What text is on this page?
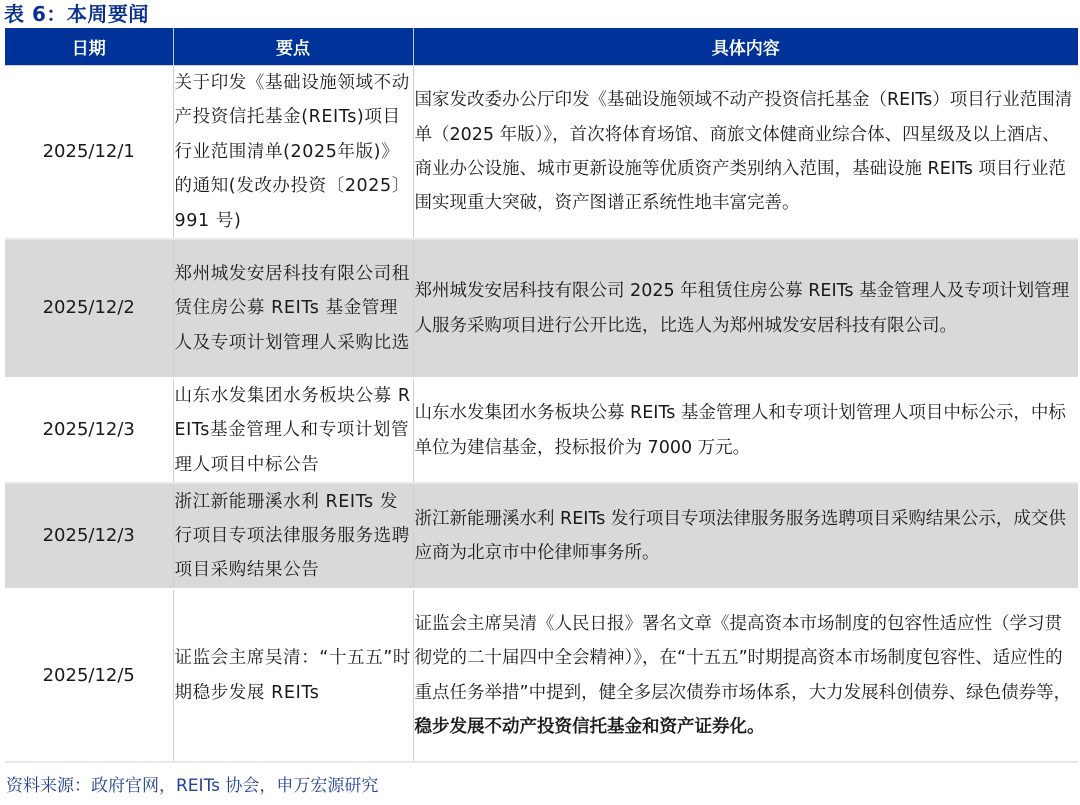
表 6：本周要闻
日期	要点	具体内容
2025/12/1	关于印发《基础设施领域不动产投资信托基金(REITs)项目行业范围清单(2025年版)》的通知(发改办投资〔2025〕991 号)	国家发改委办公厅印发《基础设施领域不动产投资信托基金（REITs）项目行业范围清单（2025 年版）》，首次将体育场馆、商旅文体健商业综合体、四星级及以上酒店、商业办公设施、城市更新设施等优质资产类别纳入范围，基础设施 REITs 项目行业范围实现重大突破，资产图谱正系统性地丰富完善。
2025/12/2	郑州城发安居科技有限公司租赁住房公募 REITs 基金管理人及专项计划管理人采购比选	郑州城发安居科技有限公司 2025 年租赁住房公募 REITs 基金管理人及专项计划管理人服务采购项目进行公开比选，比选人为郑州城发安居科技有限公司。
2025/12/3	山东水发集团水务板块公募 REITs基金管理人和专项计划管理人项目中标公告	山东水发集团水务板块公募 REITs 基金管理人和专项计划管理人项目中标公示，中标单位为建信基金，投标报价为 7000 万元。
2025/12/3	浙江新能珊溪水利 REITs 发行项目专项法律服务服务选聘项目采购结果公告	浙江新能珊溪水利 REITs 发行项目专项法律服务服务选聘项目采购结果公示，成交供应商为北京市中伦律师事务所。
2025/12/5	证监会主席吴清：“十五五”时期稳步发展 REITs	证监会主席吴清《人民日报》署名文章《提高资本市场制度的包容性适应性（学习贯彻党的二十届四中全会精神）》，在“十五五”时期提高资本市场制度包容性、适应性的重点任务举措”中提到，健全多层次债券市场体系，大力发展科创债券、绿色债券等，稳步发展不动产投资信托基金和资产证券化。
资料来源：政府官网，REITs 协会，申万宏源研究
